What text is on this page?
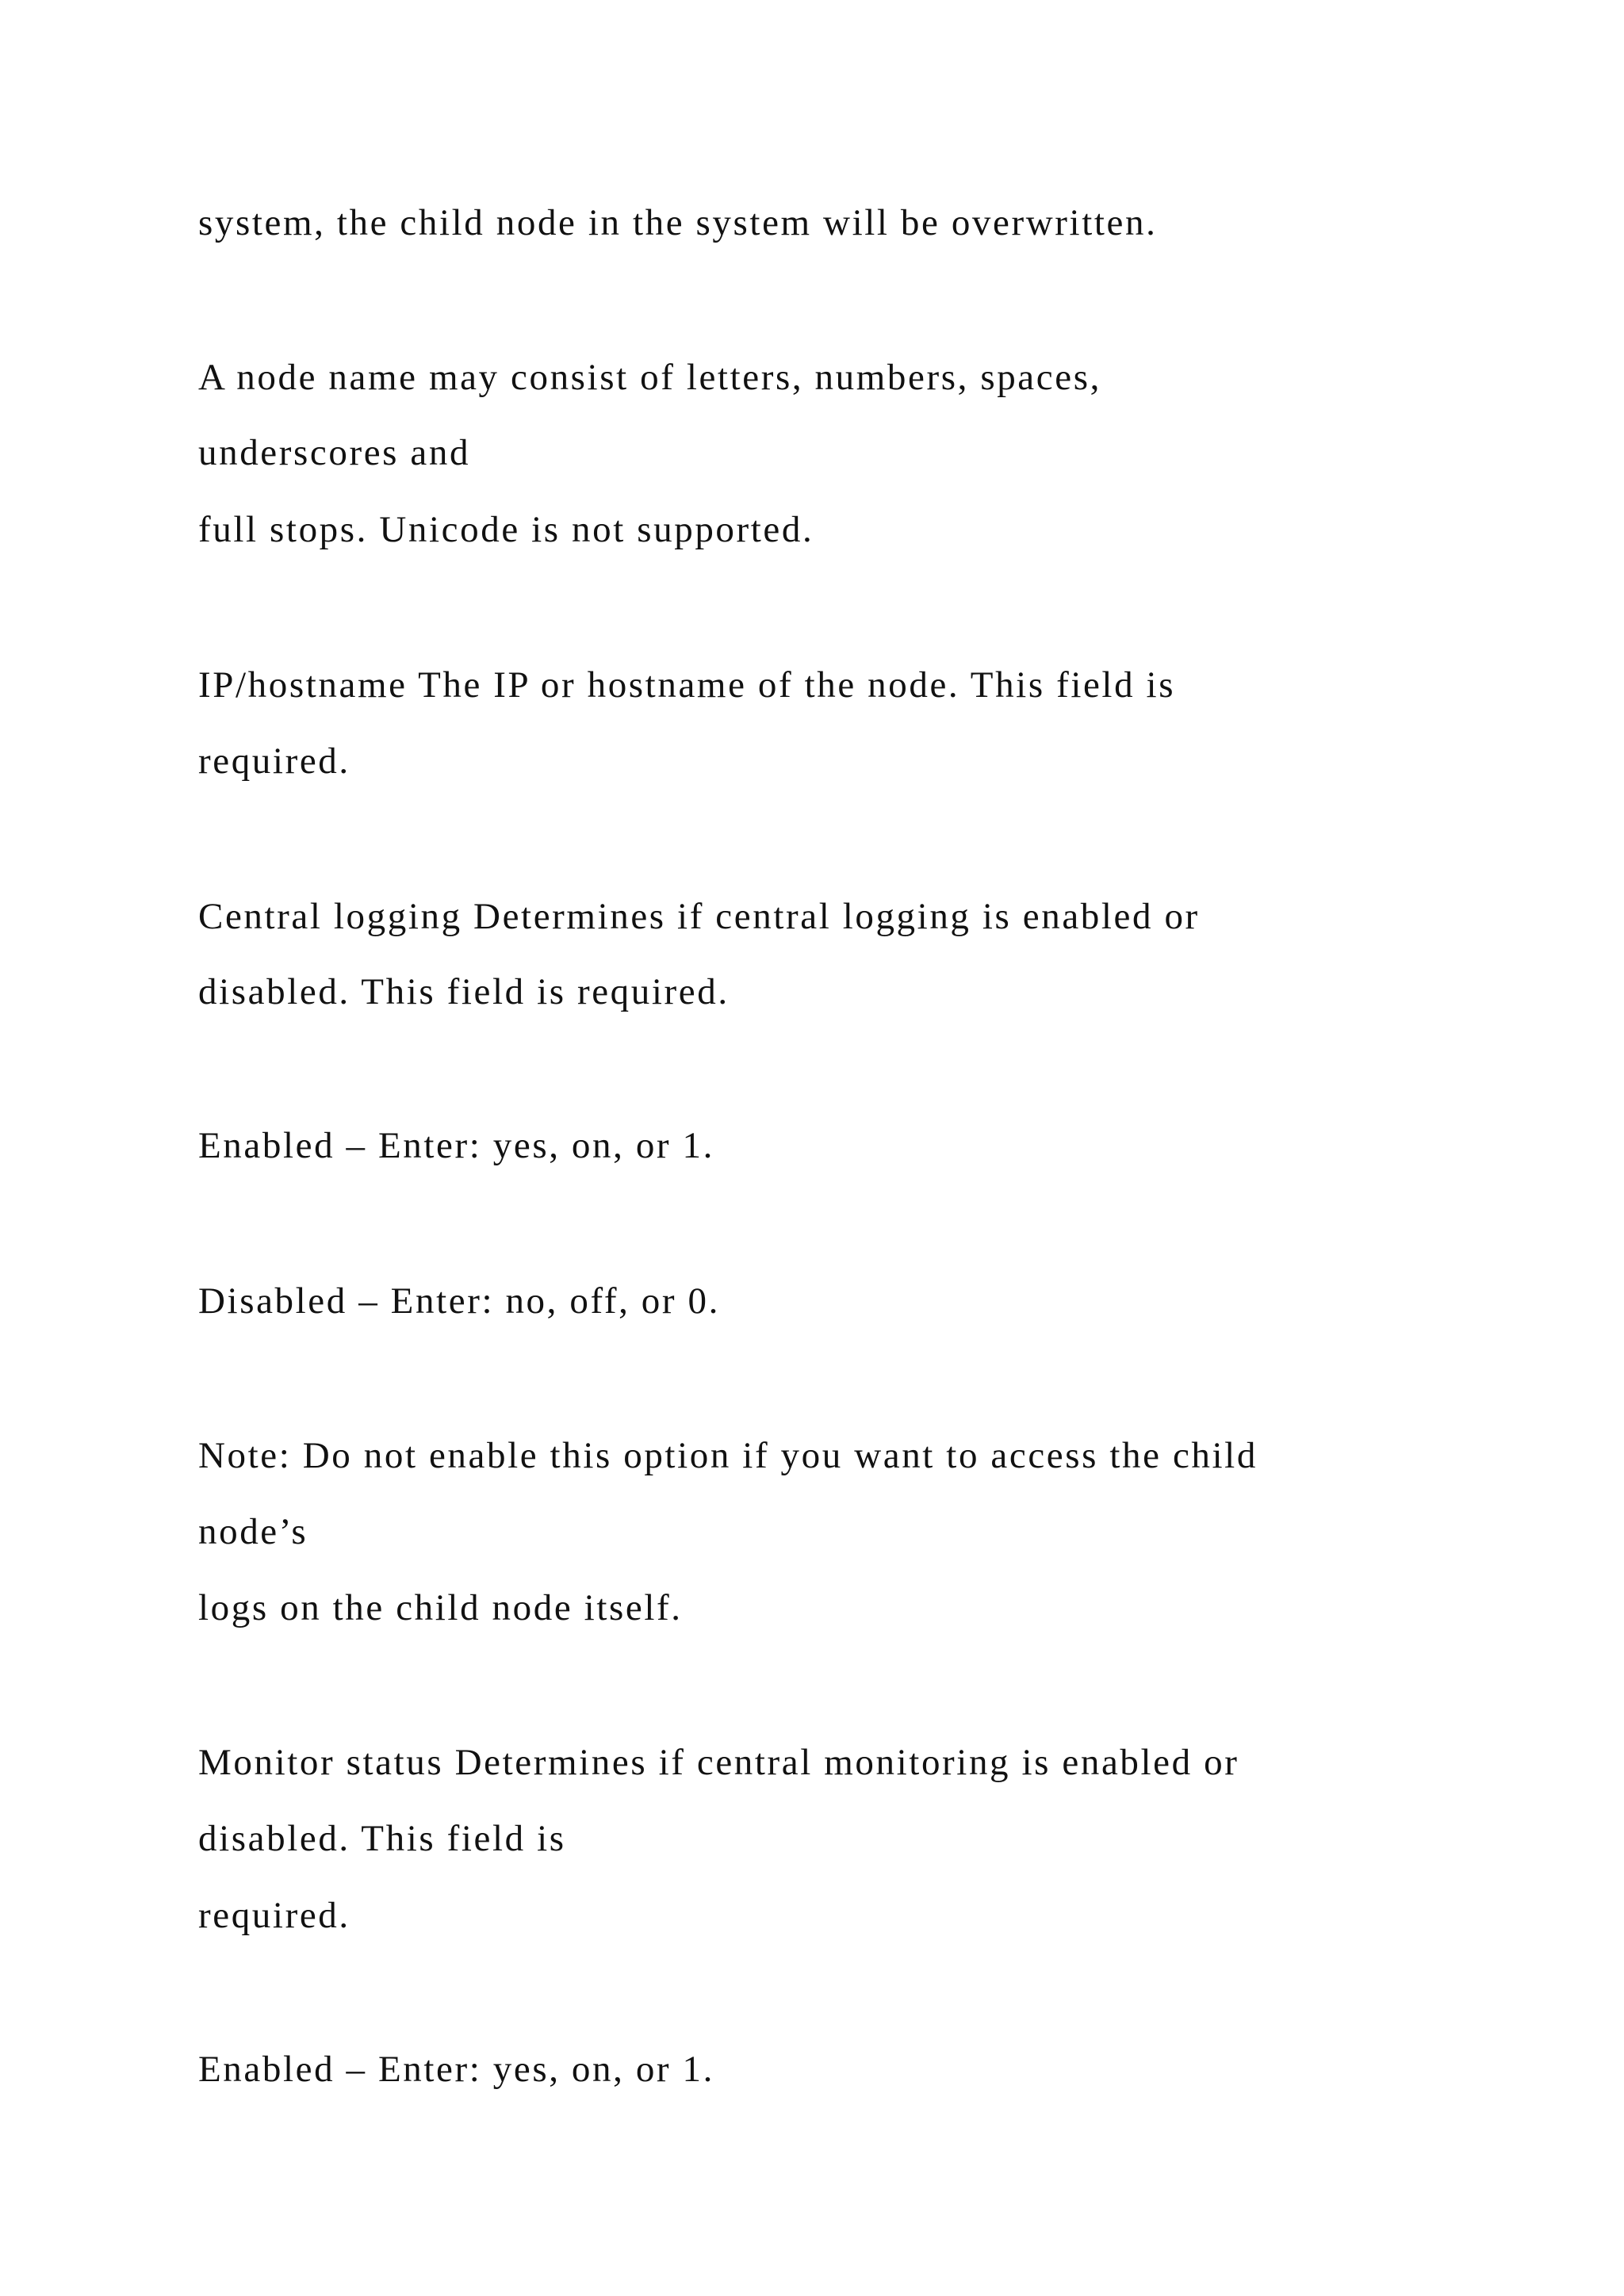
system, the child node in the system will be overwritten.

A node name may consist of letters, numbers, spaces,

underscores and

full stops. Unicode is not supported.

IP/hostname The IP or hostname of the node. This field is

required.

Central logging Determines if central logging is enabled or

disabled. This field is required.

Enabled – Enter: yes, on, or 1.

Disabled – Enter: no, off, or 0.

Note: Do not enable this option if you want to access the child

node’s

logs on the child node itself.

Monitor status Determines if central monitoring is enabled or

disabled. This field is

required.

Enabled – Enter: yes, on, or 1.
